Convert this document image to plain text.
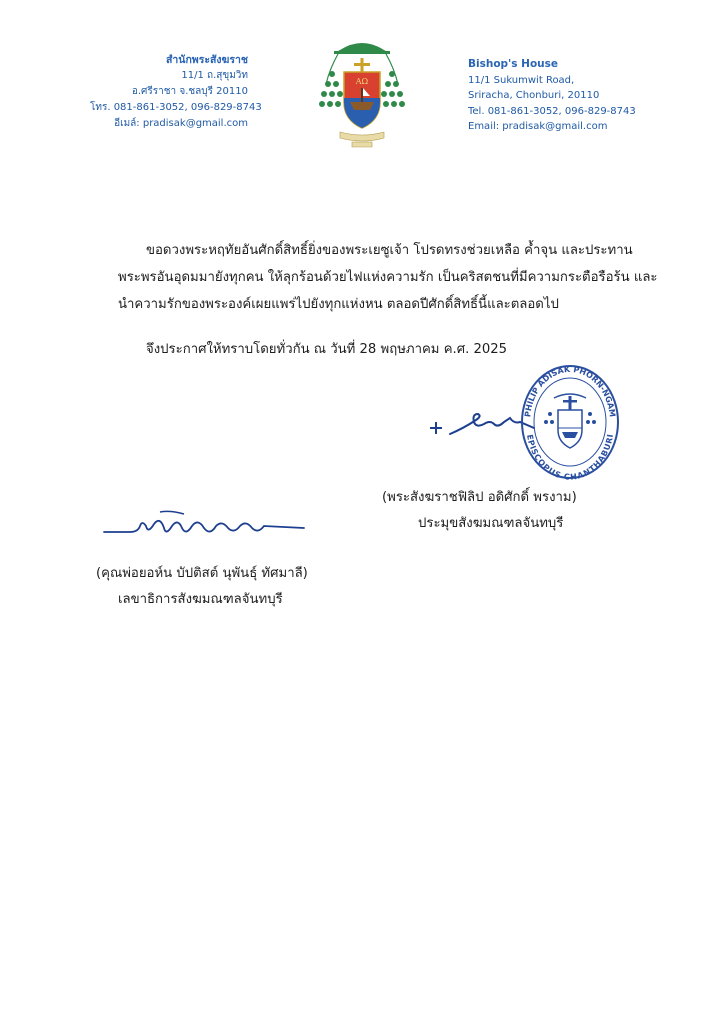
สำนักพระสังฆราช
11/1 ถ.สุขุมวิท
อ.ศรีราชา จ.ชลบุรี 20110
โทร. 081-861-3052, 096-829-8743
อีเมล์: pradisak@gmail.com
AΩ
Bishop's House
11/1 Sukumwit Road,
Sriracha, Chonburi, 20110
Tel. 081-861-3052, 096-829-8743
Email: pradisak@gmail.com
ขอดวงพระหฤทัยอันศักดิ์สิทธิ์ยิ่งของพระเยซูเจ้า โปรดทรงช่วยเหลือ ค้ำจุน และประทาน
พระพรอันอุดมมายังทุกคน ให้ลุกร้อนด้วยไฟแห่งความรัก เป็นคริสตชนที่มีความกระตือรือร้น และ
นำความรักของพระองค์เผยแพร่ไปยังทุกแห่งหน ตลอดปีศักดิ์สิทธิ์นี้และตลอดไป
จึงประกาศให้ทราบโดยทั่วกัน ณ วันที่ 28 พฤษภาคม ค.ศ. 2025
PHILIP ADISAK PHORN-NGAM
EPISCOPUS CHANTHABURI
(พระสังฆราชฟิลิป อดิศักดิ์ พรงาม)
ประมุขสังฆมณฑลจันทบุรี
(คุณพ่อยอห์น บัปติสต์ นุพันธุ์ ทัศมาลี)
เลขาธิการสังฆมณฑลจันทบุรี
